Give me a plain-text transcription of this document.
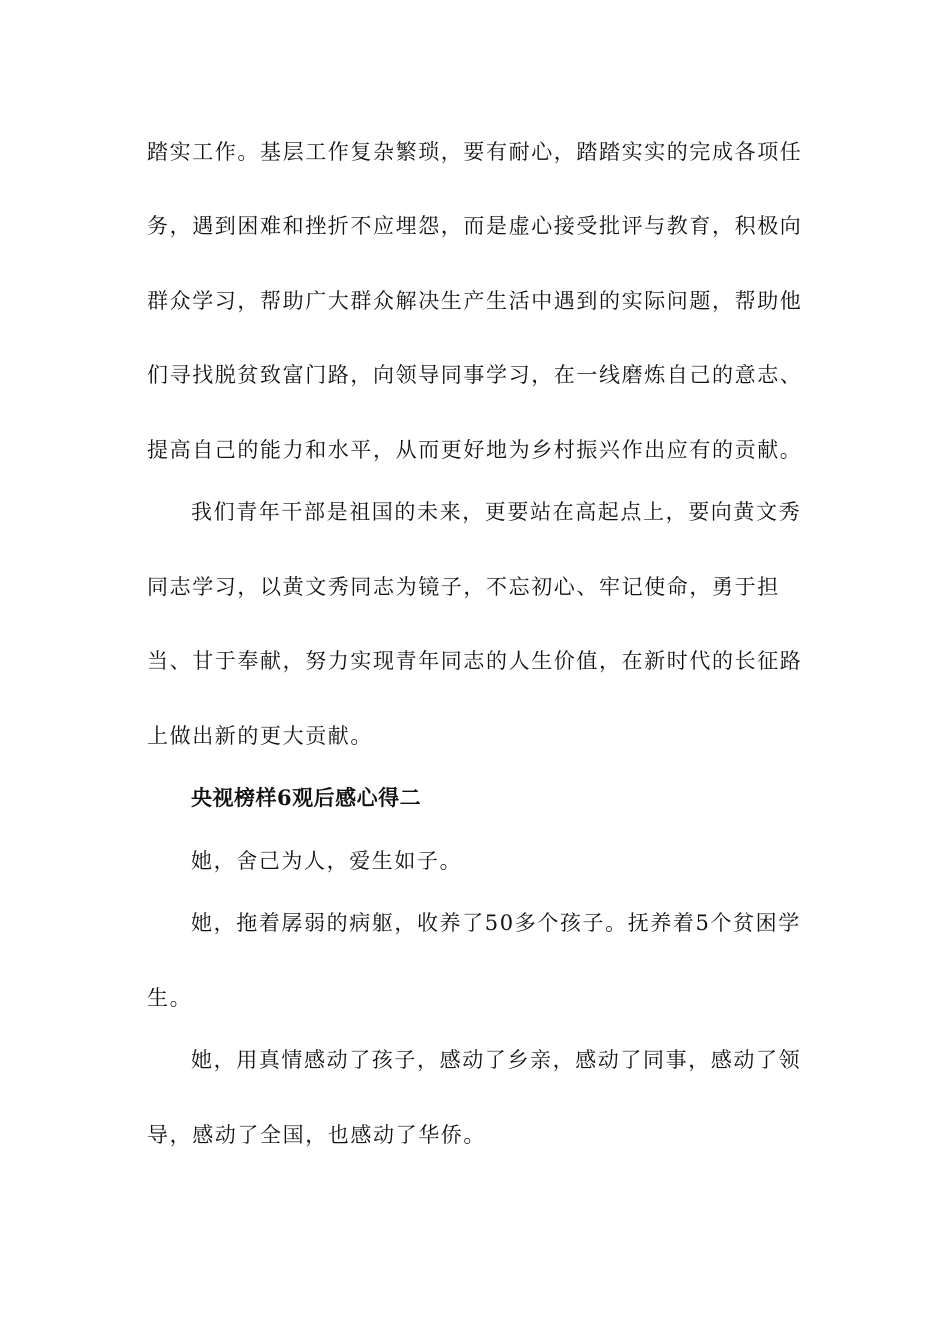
踏实工作。基层工作复杂繁琐，要有耐心，踏踏实实的完成各项任
务，遇到困难和挫折不应埋怨，而是虚心接受批评与教育，积极向
群众学习，帮助广大群众解决生产生活中遇到的实际问题，帮助他
们寻找脱贫致富门路，向领导同事学习，在一线磨炼自己的意志、
提高自己的能力和水平，从而更好地为乡村振兴作出应有的贡献。
我们青年干部是祖国的未来，更要站在高起点上，要向黄文秀
同志学习，以黄文秀同志为镜子，不忘初心、牢记使命，勇于担
当、甘于奉献，努力实现青年同志的人生价值，在新时代的长征路
上做出新的更大贡献。
央视榜样6观后感心得二
她，舍己为人，爱生如子。
她，拖着孱弱的病躯，收养了50多个孩子。抚养着5个贫困学
生。
她，用真情感动了孩子，感动了乡亲，感动了同事，感动了领
导，感动了全国，也感动了华侨。
